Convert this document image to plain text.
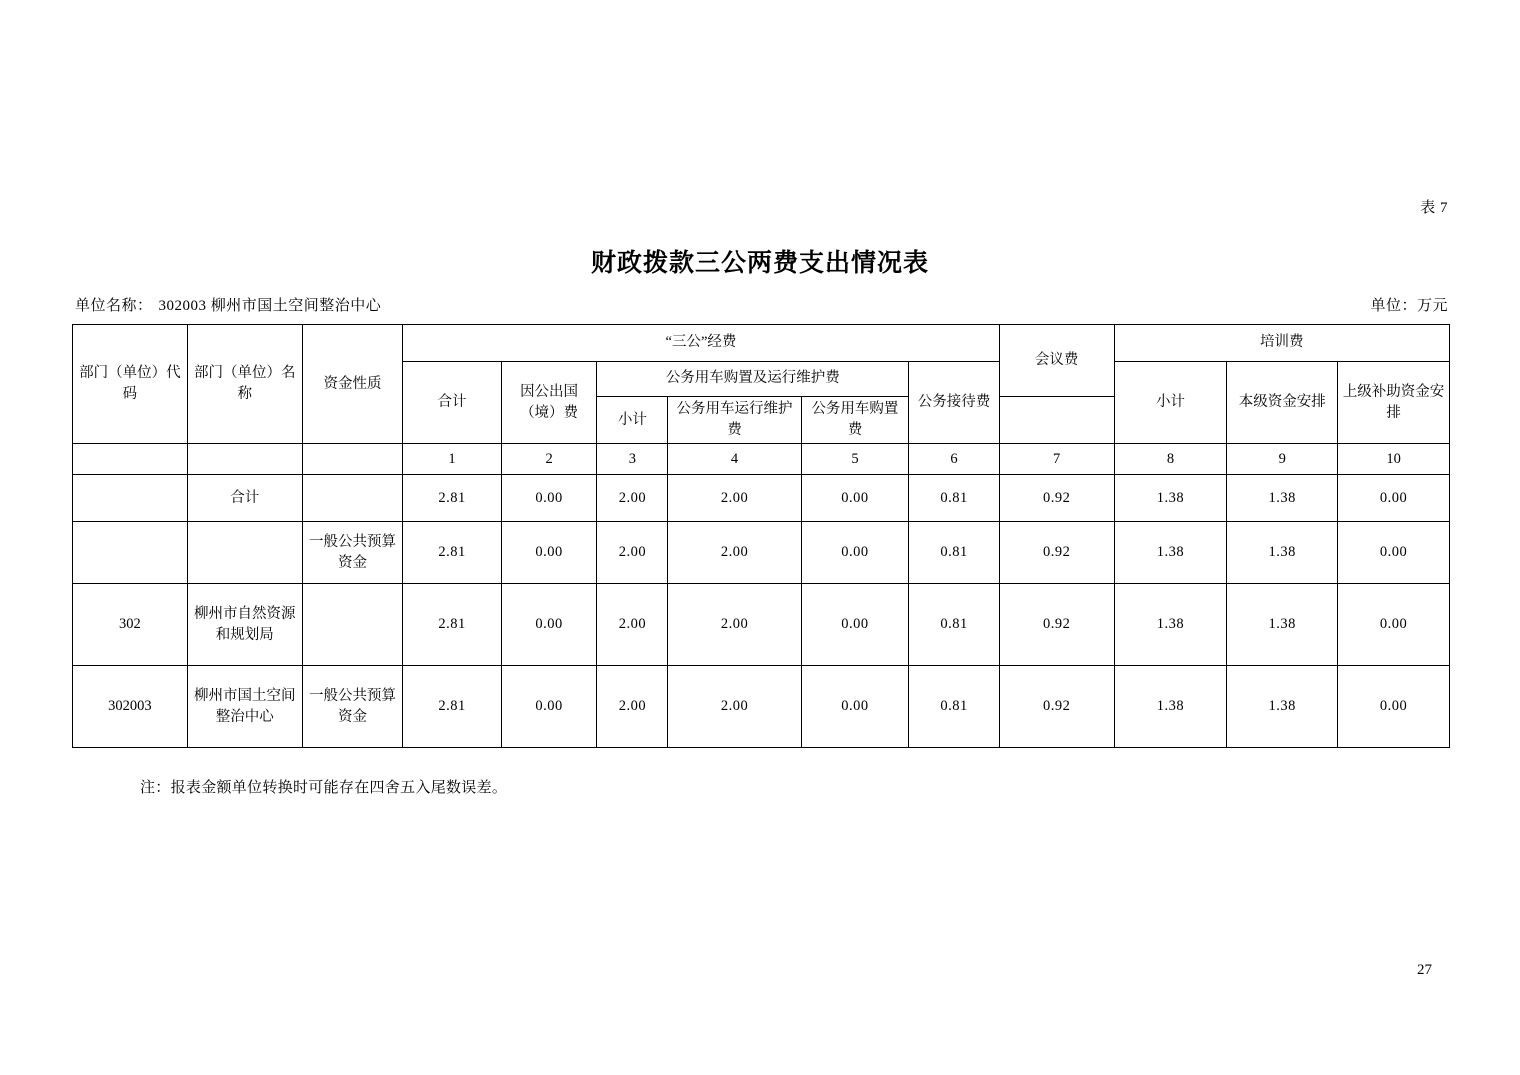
表 7
财政拨款三公两费支出情况表
单位名称： 302003 柳州市国土空间整治中心	单位：万元
部门（单位）代码	部门（单位）名称	资金性质	“三公”经费						会议费	培训费		
			合计	因公出国（境）费	公务用车购置及运行维护费			公务接待费		小计	本级资金安排	上级补助资金安排
					小计	公务用车运行维护费	公务用车购置费				
			1	2	3	4	5	6	7	8	9	10
	合计		2.81	0.00	2.00	2.00	0.00	0.81	0.92	1.38	1.38	0.00
		一般公共预算资金	2.81	0.00	2.00	2.00	0.00	0.81	0.92	1.38	1.38	0.00
302	柳州市自然资源和规划局		2.81	0.00	2.00	2.00	0.00	0.81	0.92	1.38	1.38	0.00
302003	柳州市国土空间整治中心	一般公共预算资金	2.81	0.00	2.00	2.00	0.00	0.81	0.92	1.38	1.38	0.00
注：报表金额单位转换时可能存在四舍五入尾数误差。
27
